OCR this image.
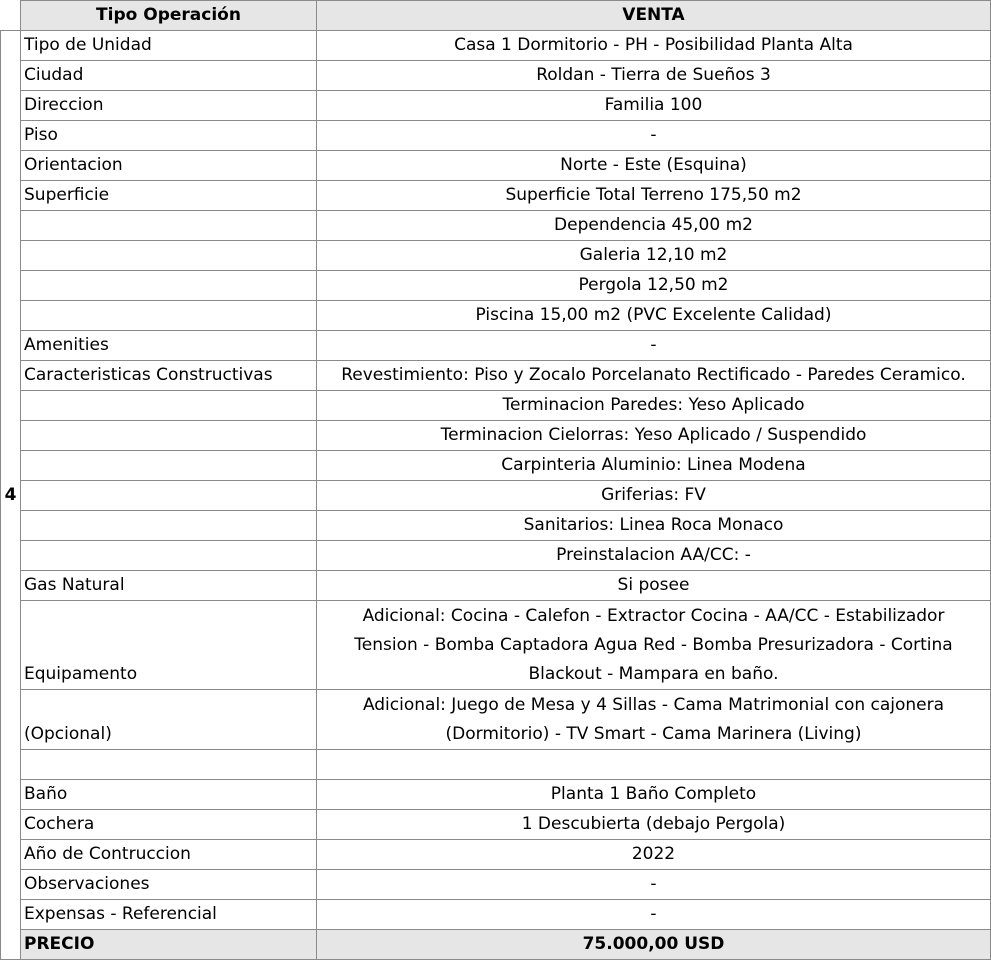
	Tipo Operación	VENTA
4	Tipo de Unidad	Casa 1 Dormitorio - PH - Posibilidad Planta Alta
	Ciudad	Roldan - Tierra de Sueños 3
	Direccion	Familia 100
	Piso	-
	Orientacion	Norte - Este (Esquina)
	Superficie	Superficie Total Terreno 175,50 m2
		Dependencia 45,00 m2
		Galeria 12,10 m2
		Pergola 12,50 m2
		Piscina 15,00 m2 (PVC Excelente Calidad)
	Amenities	-
	Caracteristicas Constructivas	Revestimiento: Piso y Zocalo Porcelanato Rectificado - Paredes Ceramico.
		Terminacion Paredes: Yeso Aplicado
		Terminacion Cielorras: Yeso Aplicado / Suspendido
		Carpinteria Aluminio: Linea Modena
		Griferias: FV
		Sanitarios: Linea Roca Monaco
		Preinstalacion AA/CC: -
	Gas Natural	Si posee
	Equipamento	Adicional: Cocina - Calefon - Extractor Cocina - AA/CC - Estabilizador Tension - Bomba Captadora Agua Red - Bomba Presurizadora - Cortina Blackout - Mampara en baño.

	(Opcional)	Adicional: Juego de Mesa y 4 Sillas - Cama Matrimonial con cajonera (Dormitorio) - TV Smart - Cama Marinera (Living)

	Baño	Planta 1 Baño Completo
	Cochera	1 Descubierta (debajo Pergola)
	Año de Contruccion	2022
	Observaciones	-
	Expensas - Referencial	-
	PRECIO	75.000,00 USD
